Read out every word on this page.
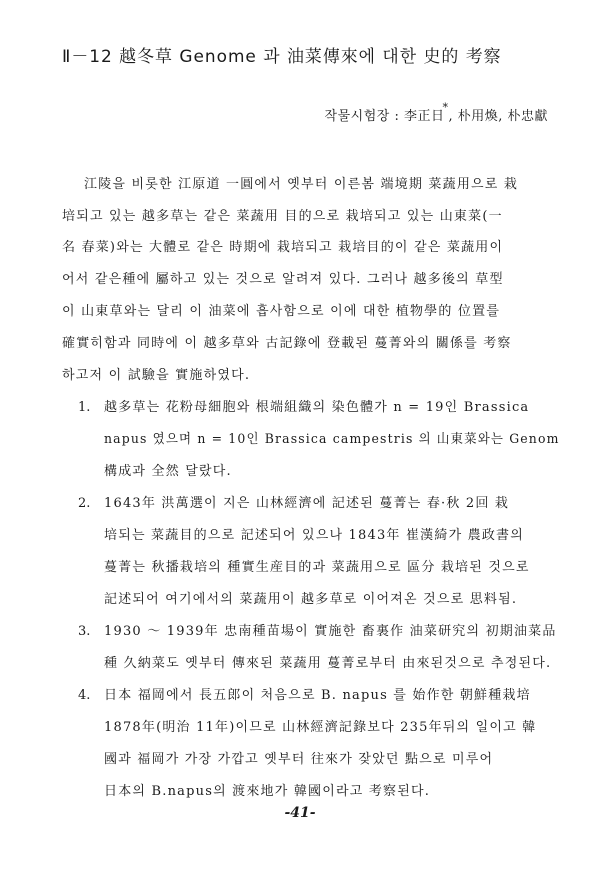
Ⅱ－12 越冬草 Genome 과 油菜傳來에 대한 史的 考察
작물시험장 : 李正日*, 朴用煥, 朴忠獻
江陵을 비롯한 江原道 一圓에서 옛부터 이른봄 端境期 菜蔬用으로 栽
培되고 있는 越多草는 같은 菜蔬用 目的으로 栽培되고 있는 山東菜(一
名 春菜)와는 大體로 같은 時期에 栽培되고 栽培目的이 같은 菜蔬用이
어서 같은種에 屬하고 있는 것으로 알려져 있다. 그러나 越多後의 草型
이 山東草와는 달리 이 油菜에 흡사함으로 이에 대한 植物學的 位置를
確實히함과 同時에 이 越多草와 古記錄에 登載된 蔓菁와의 關係를 考察
하고저 이 試驗을 實施하였다.
1. 越多草는 花粉母細胞와 根端組織의 染色體가 n = 19인 Brassica
napus 였으며 n = 10인 Brassica campestris 의 山東菜와는 Genom
構成과 全然 달랐다.
2. 1643年 洪萬選이 지은 山林經濟에 記述된 蔓菁는 春·秋 2回 栽
培되는 菜蔬目的으로 記述되어 있으나 1843年 崔漢綺가 農政書의
蔓菁는 秋播栽培의 種實生産目的과 菜蔬用으로 區分 栽培된 것으로
記述되어 여기에서의 菜蔬用이 越多草로 이어져온 것으로 思料됨.
3. 1930 ～ 1939年 忠南種苗場이 實施한 畜裏作 油菜研究의 初期油菜品
種 久納菜도 옛부터 傳來된 菜蔬用 蔓菁로부터 由來된것으로 추정된다.
4. 日本 福岡에서 長五郎이 처음으로 B. napus 를 始作한 朝鮮種栽培
1878年(明治 11年)이므로 山林經濟記錄보다 235年뒤의 일이고 韓
國과 福岡가 가장 가깝고 옛부터 往來가 잦았던 點으로 미루어
日本의 B.napus의 渡來地가 韓國이라고 考察된다.
-41-
